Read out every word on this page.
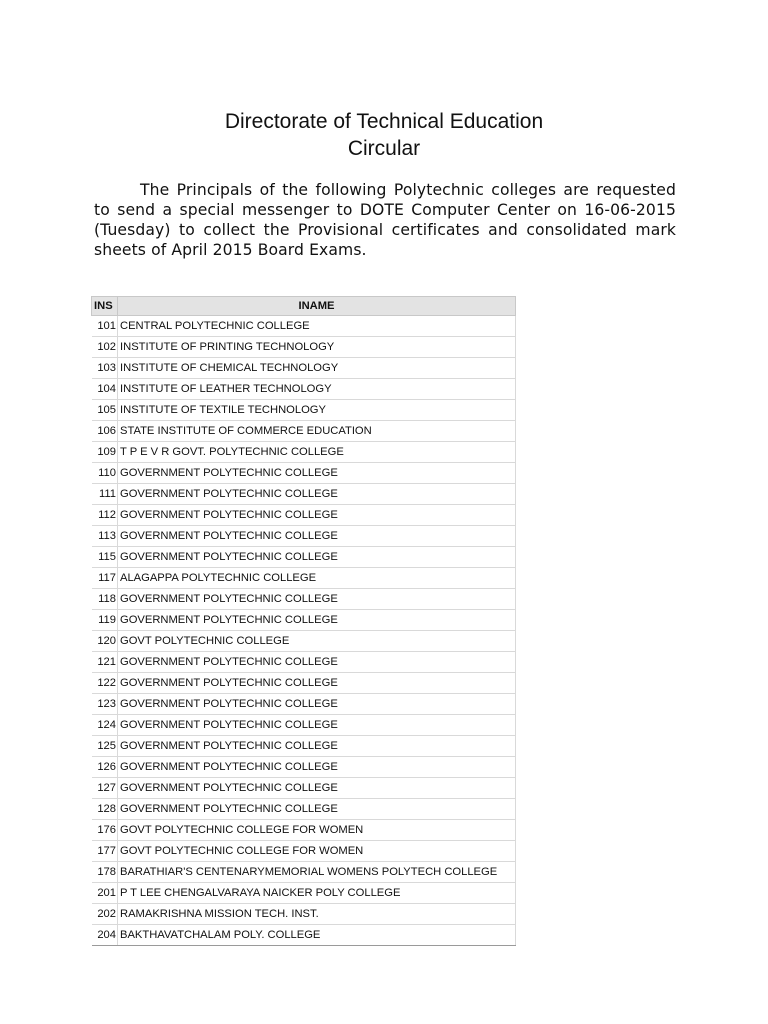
Directorate of Technical Education
Circular
The Principals of the following Polytechnic colleges are requested to send a special messenger to DOTE Computer Center on 16-06-2015 (Tuesday) to collect the Provisional certificates and consolidated mark sheets of April 2015 Board Exams.
INS	INAME
101	CENTRAL POLYTECHNIC COLLEGE
102	INSTITUTE OF PRINTING TECHNOLOGY
103	INSTITUTE OF CHEMICAL TECHNOLOGY
104	INSTITUTE OF LEATHER TECHNOLOGY
105	INSTITUTE OF TEXTILE TECHNOLOGY
106	STATE INSTITUTE OF COMMERCE EDUCATION
109	T P E V R GOVT. POLYTECHNIC COLLEGE
110	GOVERNMENT POLYTECHNIC COLLEGE
111	GOVERNMENT POLYTECHNIC COLLEGE
112	GOVERNMENT POLYTECHNIC COLLEGE
113	GOVERNMENT POLYTECHNIC COLLEGE
115	GOVERNMENT POLYTECHNIC COLLEGE
117	ALAGAPPA POLYTECHNIC COLLEGE
118	GOVERNMENT POLYTECHNIC COLLEGE
119	GOVERNMENT POLYTECHNIC COLLEGE
120	GOVT POLYTECHNIC COLLEGE
121	GOVERNMENT POLYTECHNIC COLLEGE
122	GOVERNMENT POLYTECHNIC COLLEGE
123	GOVERNMENT POLYTECHNIC COLLEGE
124	GOVERNMENT POLYTECHNIC COLLEGE
125	GOVERNMENT POLYTECHNIC COLLEGE
126	GOVERNMENT POLYTECHNIC COLLEGE
127	GOVERNMENT POLYTECHNIC COLLEGE
128	GOVERNMENT POLYTECHNIC COLLEGE
176	GOVT POLYTECHNIC COLLEGE FOR WOMEN
177	GOVT POLYTECHNIC COLLEGE FOR WOMEN
178	BARATHIAR'S CENTENARYMEMORIAL WOMENS POLYTECH COLLEGE
201	P T LEE CHENGALVARAYA NAICKER POLY COLLEGE
202	RAMAKRISHNA MISSION TECH. INST.
204	BAKTHAVATCHALAM POLY. COLLEGE
